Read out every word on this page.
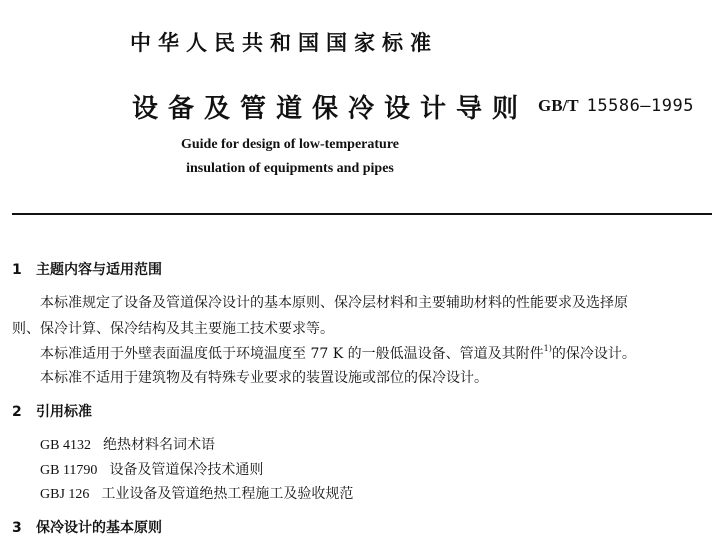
中华人民共和国国家标准
设备及管道保冷设计导则 GB/T 15586—1995
Guide for design of low-temperature
insulation of equipments and pipes
1 主题内容与适用范围
本标准规定了设备及管道保冷设计的基本原则、保冷层材料和主要辅助材料的性能要求及选择原
则、保冷计算、保冷结构及其主要施工技术要求等。
本标准适用于外壁表面温度低于环境温度至 77 K 的一般低温设备、管道及其附件$^{1)}$的保冷设计。
本标准不适用于建筑物及有特殊专业要求的装置设施或部位的保冷设计。
2 引用标准
GB 4132 绝热材料名词术语
GB 11790 设备及管道保冷技术通则
GBJ 126 工业设备及管道绝热工程施工及验收规范
3 保冷设计的基本原则
